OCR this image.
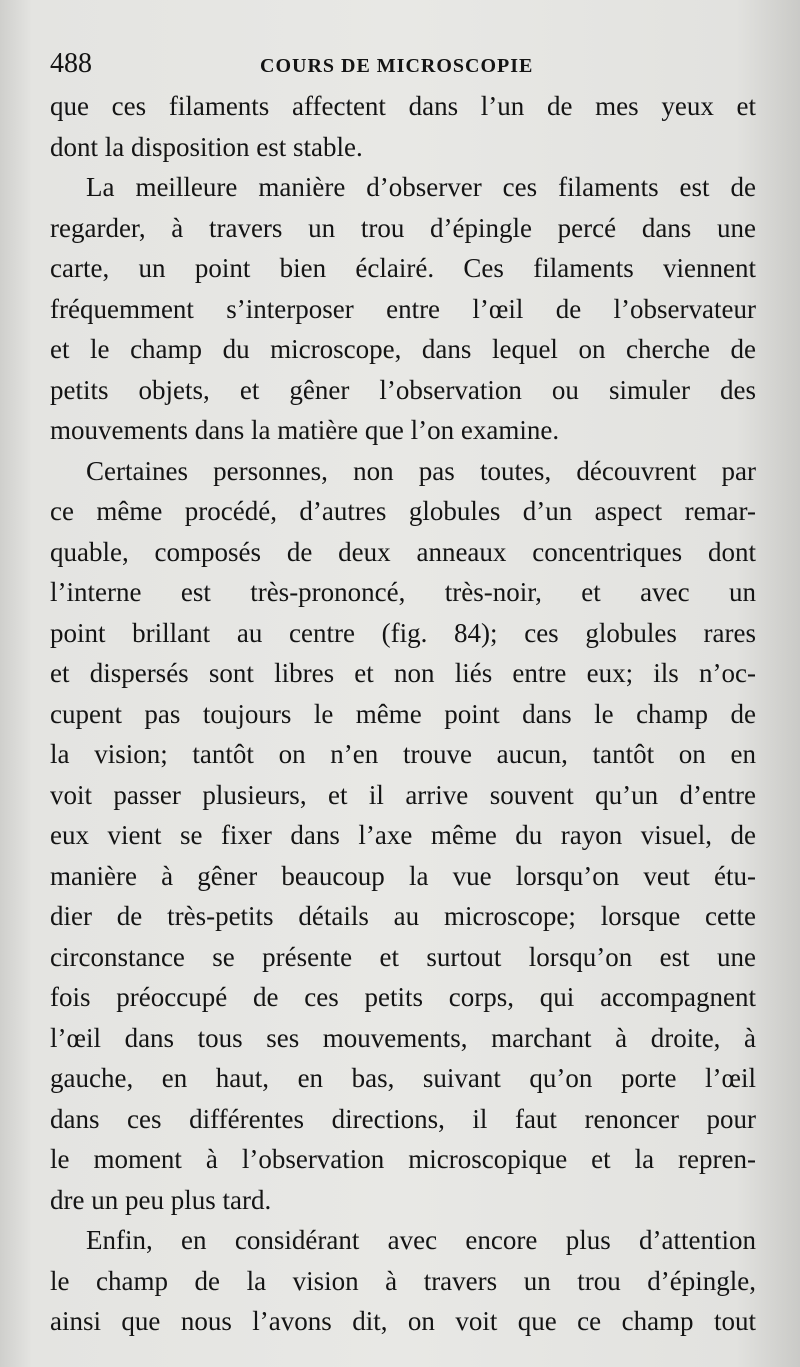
488	COURS DE MICROSCOPIE
que ces filaments affectent dans l’un de mes yeux et
dont la disposition est stable.
La meilleure manière d’observer ces filaments est de
regarder, à travers un trou d’épingle percé dans une
carte, un point bien éclairé. Ces filaments viennent
fréquemment s’interposer entre l’œil de l’observateur
et le champ du microscope, dans lequel on cherche de
petits objets, et gêner l’observation ou simuler des
mouvements dans la matière que l’on examine.
Certaines personnes, non pas toutes, découvrent par
ce même procédé, d’autres globules d’un aspect remar-
quable, composés de deux anneaux concentriques dont
l’interne est très-prononcé, très-noir, et avec un
point brillant au centre (fig. 84); ces globules rares
et dispersés sont libres et non liés entre eux; ils n’oc-
cupent pas toujours le même point dans le champ de
la vision; tantôt on n’en trouve aucun, tantôt on en
voit passer plusieurs, et il arrive souvent qu’un d’entre
eux vient se fixer dans l’axe même du rayon visuel, de
manière à gêner beaucoup la vue lorsqu’on veut étu-
dier de très-petits détails au microscope; lorsque cette
circonstance se présente et surtout lorsqu’on est une
fois préoccupé de ces petits corps, qui accompagnent
l’œil dans tous ses mouvements, marchant à droite, à
gauche, en haut, en bas, suivant qu’on porte l’œil
dans ces différentes directions, il faut renoncer pour
le moment à l’observation microscopique et la repren-
dre un peu plus tard.
Enfin, en considérant avec encore plus d’attention
le champ de la vision à travers un trou d’épingle,
ainsi que nous l’avons dit, on voit que ce champ tout
